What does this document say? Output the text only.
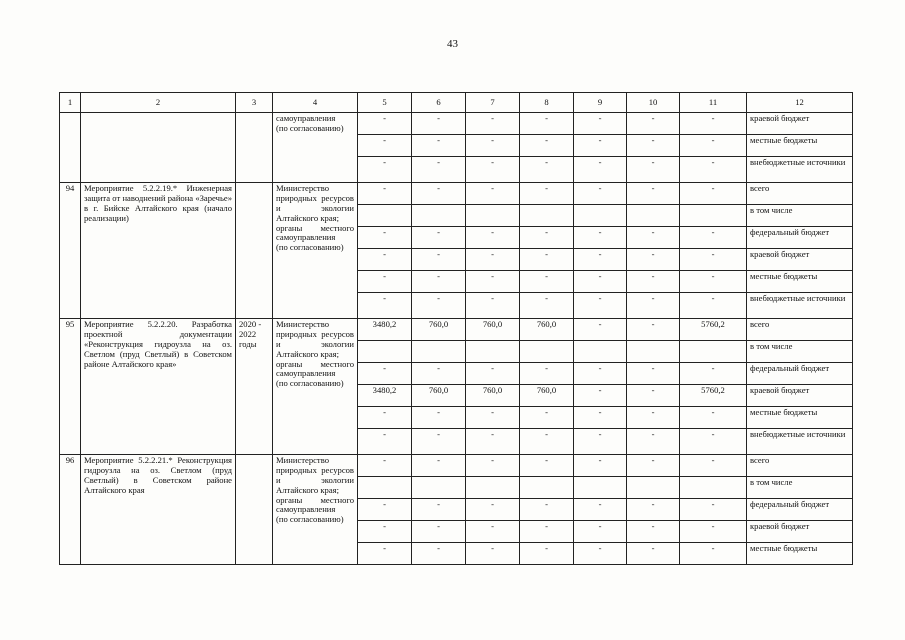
43
1	2	3	4	5	6	7	8	9	10	11	12
			самоуправления
(по согласованию)	-	-	-	-	-	-	-	краевой бюджет
				-	-	-	-	-	-	-	местные бюджеты
				-	-	-	-	-	-	-	внебюджетные источники
94	Мероприятие 5.2.2.19.* Инженерная защита от наводнений района «Заречье» в г. Бийске Алтайского края (начало реализации)		Министерство природных ресурсов и экологии Алтайского края;
органы местного самоуправления
(по согласованию)	-	-	-	-	-	-	-	всего
											в том числе
				-	-	-	-	-	-	-	федеральный бюджет
				-	-	-	-	-	-	-	краевой бюджет
				-	-	-	-	-	-	-	местные бюджеты
				-	-	-	-	-	-	-	внебюджетные источники
95	Мероприятие 5.2.2.20. Разработка проектной документации «Реконструкция гидроузла на оз. Светлом (пруд Светлый) в Советском районе Алтайского края»	2020 - 2022 годы	Министерство природных ресурсов и экологии Алтайского края;
органы местного самоуправления
(по согласованию)	3480,2	760,0	760,0	760,0	-	-	5760,2	всего
											в том числе
				-	-	-	-	-	-	-	федеральный бюджет
				3480,2	760,0	760,0	760,0	-	-	5760,2	краевой бюджет
				-	-	-	-	-	-	-	местные бюджеты
				-	-	-	-	-	-	-	внебюджетные источники
96	Мероприятие 5.2.2.21.* Реконструкция гидроузла на оз. Светлом (пруд Светлый) в Советском районе Алтайского края		Министерство природных ресурсов и экологии Алтайского края;
органы местного самоуправления
(по согласованию)	-	-	-	-	-	-	-	всего
											в том числе
				-	-	-	-	-	-	-	федеральный бюджет
				-	-	-	-	-	-	-	краевой бюджет
				-	-	-	-	-	-	-	местные бюджеты
